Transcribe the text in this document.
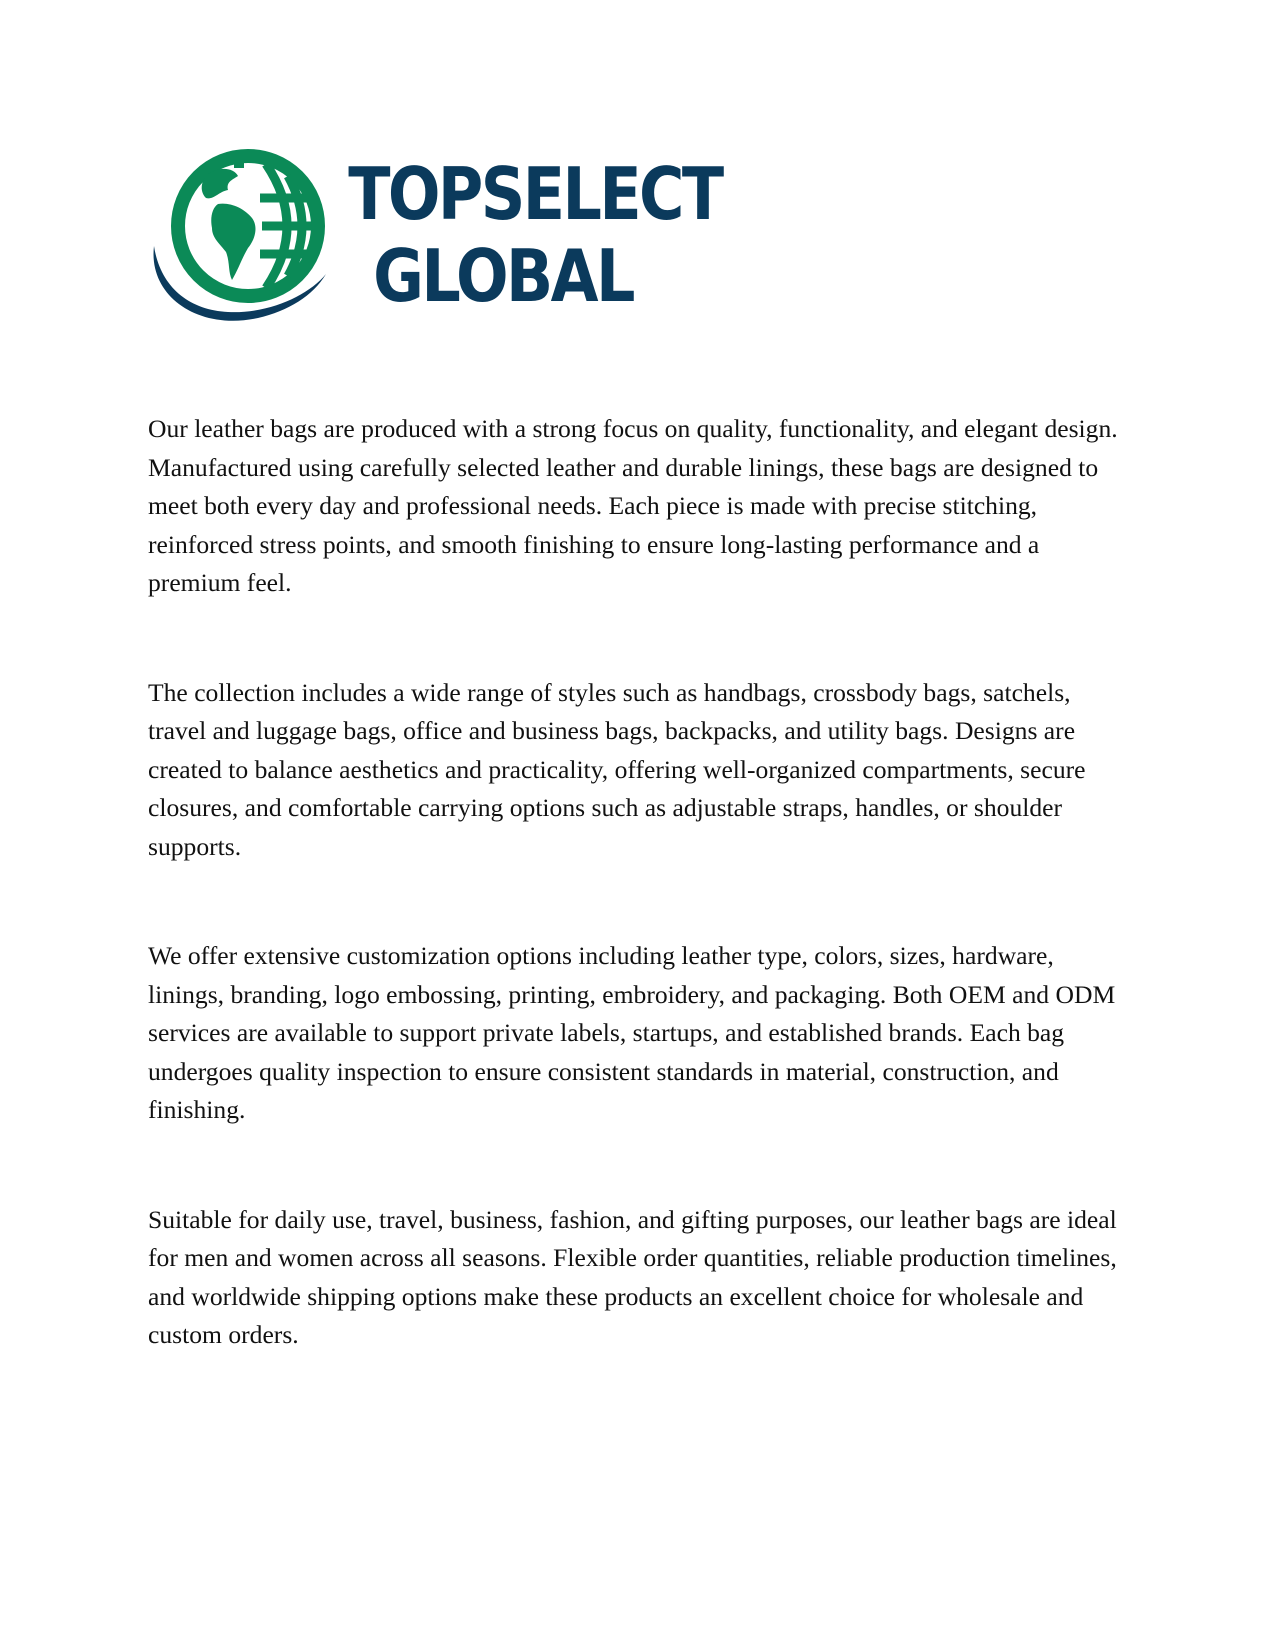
TOPSELECT
GLOBAL

Our leather bags are produced with a strong focus on quality, functionality, and elegant design. Manufactured using carefully selected leather and durable linings, these bags are designed to meet both every day and professional needs. Each piece is made with precise stitching, reinforced stress points, and smooth finishing to ensure long-lasting performance and a premium feel.

The collection includes a wide range of styles such as handbags, crossbody bags, satchels, travel and luggage bags, office and business bags, backpacks, and utility bags. Designs are created to balance aesthetics and practicality, offering well-organized compartments, secure closures, and comfortable carrying options such as adjustable straps, handles, or shoulder supports.

We offer extensive customization options including leather type, colors, sizes, hardware, linings, branding, logo embossing, printing, embroidery, and packaging. Both OEM and ODM services are available to support private labels, startups, and established brands. Each bag undergoes quality inspection to ensure consistent standards in material, construction, and finishing.

Suitable for daily use, travel, business, fashion, and gifting purposes, our leather bags are ideal for men and women across all seasons. Flexible order quantities, reliable production timelines, and worldwide shipping options make these products an excellent choice for wholesale and custom orders.
